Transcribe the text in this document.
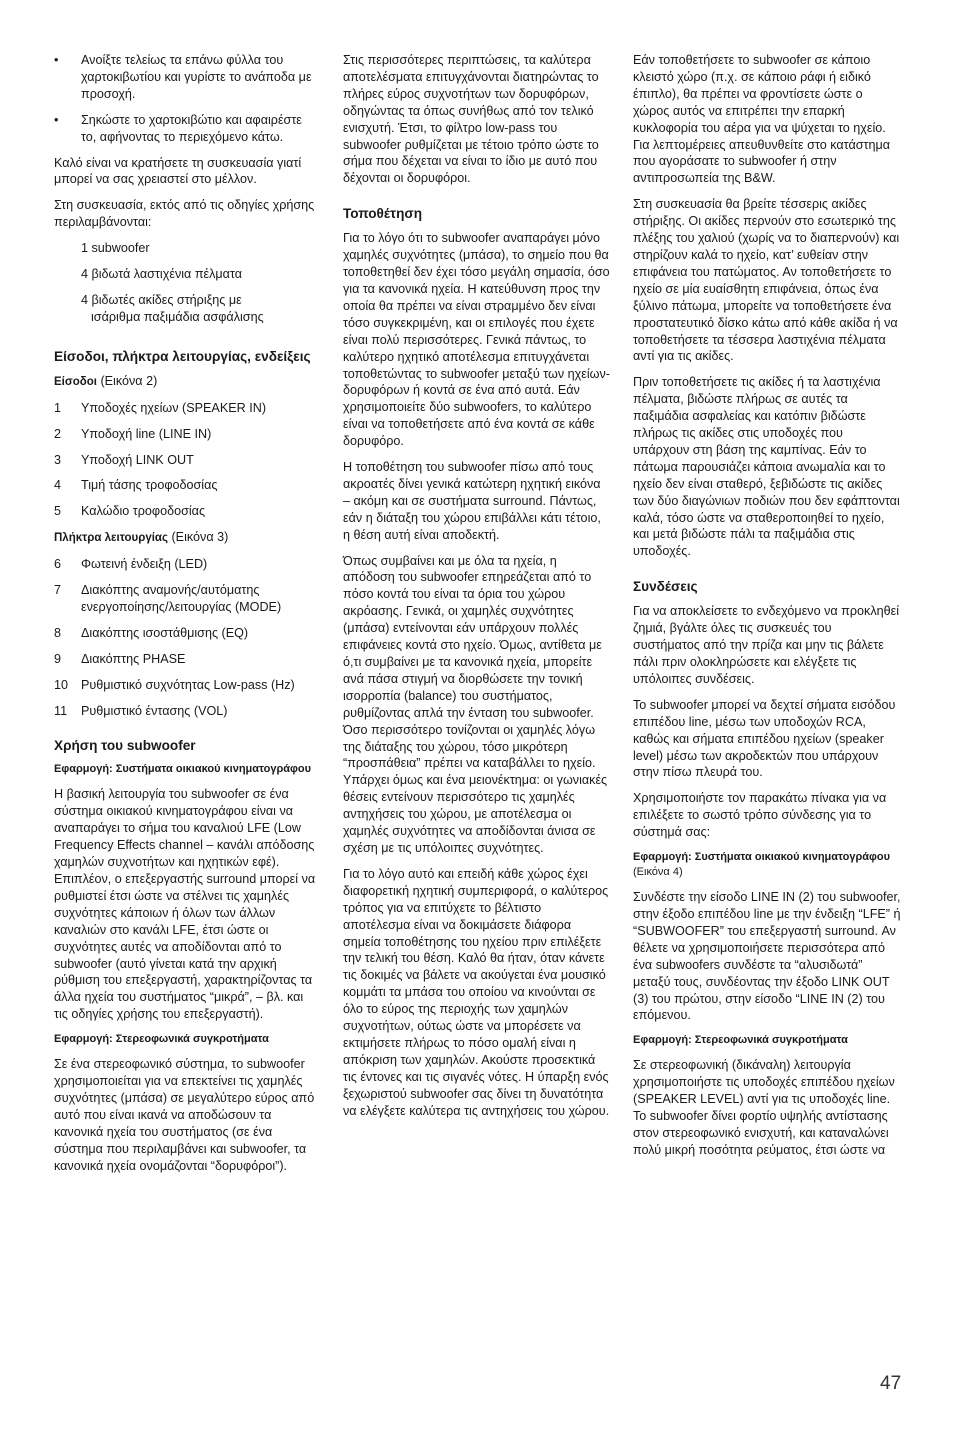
•	Ανοίξτε τελείως τα επάνω φύλλα του χαρτοκιβωτίου και γυρίστε το ανάποδα με προσοχή.
•	Σηκώστε το χαρτοκιβώτιο και αφαιρέστε το, αφήνοντας το περιεχόμενο κάτω.

Καλό είναι να κρατήσετε τη συσκευασία γιατί μπορεί να σας χρειαστεί στο μέλλον.

Στη συσκευασία, εκτός από τις οδηγίες χρήσης περιλαμβάνονται:

1 subwoofer
4 βιδωτά λαστιχένια πέλματα
4 βιδωτές ακίδες στήριξης με

ισάριθμα παξιμάδια ασφάλισης
Είσοδοι, πλήκτρα λειτουργίας, ενδείξεις
Είσοδοι (Εικόνα 2)
1	Υποδοχές ηχείων (SPEAKER IN)
2	Υποδοχή line (LINE IN)
3	Υποδοχή LINK OUT
4	Τιμή τάσης τροφοδοσίας
5	Καλώδιο τροφοδοσίας
Πλήκτρα λειτουργίας (Εικόνα 3)
6	Φωτεινή ένδειξη (LED)
7	Διακόπτης αναμονής/αυτόματης ενεργοποίησης/λειτουργίας (MODE)
8	Διακόπτης ισοστάθμισης (EQ)
9	Διακόπτης PHASE
10	Ρυθμιστικό συχνότητας Low-pass (Hz)
11	Ρυθμιστικό έντασης (VOL)
Χρήση του subwoofer
Εφαρμογή: Συστήματα οικιακού κινηματογράφου

Η βασική λειτουργία του subwoofer σε ένα σύστημα οικιακού κινηματογράφου είναι να αναπαράγει το σήμα του καναλιού LFE (Low Frequency Effects channel – κανάλι απόδοσης χαμηλών συχνοτήτων και ηχητικών εφέ). Επιπλέον, ο επεξεργαστής surround μπορεί να ρυθμιστεί έτσι ώστε να στέλνει τις χαμηλές συχνότητες κάποιων ή όλων των άλλων καναλιών στο κανάλι LFE, έτσι ώστε οι συχνότητες αυτές να αποδίδονται από το subwoofer (αυτό γίνεται κατά την αρχική ρύθμιση του επεξεργαστή, χαρακτηρίζοντας τα άλλα ηχεία του συστήματος “μικρά”, – βλ. και τις οδηγίες χρήσης του επεξεργαστή).

Εφαρμογή: Στερεοφωνικά συγκροτήματα

Σε ένα στερεοφωνικό σύστημα, το subwoofer χρησιμοποιείται για να επεκτείνει τις χαμηλές συχνότητες (μπάσα) σε μεγαλύτερο εύρος από αυτό που είναι ικανά να αποδώσουν τα κανονικά ηχεία του συστήματος (σε ένα σύστημα που περιλαμβάνει και subwoofer, τα κανονικά ηχεία ονομάζονται “δορυφόροι”).

Στις περισσότερες περιπτώσεις, τα καλύτερα αποτελέσματα επιτυγχάνονται διατηρώντας το πλήρες εύρος συχνοτήτων των δορυφόρων, οδηγώντας τα όπως συνήθως από τον τελικό ενισχυτή. Έτσι, το φίλτρο low-pass του subwoofer ρυθμίζεται με τέτοιο τρόπο ώστε το σήμα που δέχεται να είναι το ίδιο με αυτό που δέχονται οι δορυφόροι.

Τοποθέτηση

Για το λόγο ότι το subwoofer αναπαράγει μόνο χαμηλές συχνότητες (μπάσα), το σημείο που θα τοποθετηθεί δεν έχει τόσο μεγάλη σημασία, όσο για τα κανονικά ηχεία. Η κατεύθυνση προς την οποία θα πρέπει να είναι στραμμένο δεν είναι τόσο συγκεκριμένη, και οι επιλογές που έχετε είναι πολύ περισσότερες. Γενικά πάντως, το καλύτερο ηχητικό αποτέλεσμα επιτυγχάνεται τοποθετώντας το subwoofer μεταξύ των ηχείων-δορυφόρων ή κοντά σε ένα από αυτά. Εάν χρησιμοποιείτε δύο subwoofers, το καλύτερο είναι να τοποθετήσετε από ένα κοντά σε κάθε δορυφόρο.

Η τοποθέτηση του subwoofer πίσω από τους ακροατές δίνει γενικά κατώτερη ηχητική εικόνα – ακόμη και σε συστήματα surround. Πάντως, εάν η διάταξη του χώρου επιβάλλει κάτι τέτοιο, η θέση αυτή είναι αποδεκτή.

Όπως συμβαίνει και με όλα τα ηχεία, η απόδοση του subwoofer επηρεάζεται από το πόσο κοντά του είναι τα όρια του χώρου ακρόασης. Γενικά, οι χαμηλές συχνότητες (μπάσα) εντείνονται εάν υπάρχουν πολλές επιφάνειες κοντά στο ηχείο. Όμως, αντίθετα με ό,τι συμβαίνει με τα κανονικά ηχεία, μπορείτε ανά πάσα στιγμή να διορθώσετε την τονική ισορροπία (balance) του συστήματος, ρυθμίζοντας απλά την ένταση του subwoofer. Όσο περισσότερο τονίζονται οι χαμηλές λόγω της διάταξης του χώρου, τόσο μικρότερη “προσπάθεια” πρέπει να καταβάλλει το ηχείο. Υπάρχει όμως και ένα μειονέκτημα: οι γωνιακές θέσεις εντείνουν περισσότερο τις χαμηλές αντηχήσεις του χώρου, με αποτέλεσμα οι χαμηλές συχνότητες να αποδίδονται άνισα σε σχέση με τις υπόλοιπες συχνότητες.

Για το λόγο αυτό και επειδή κάθε χώρος έχει διαφορετική ηχητική συμπεριφορά, ο καλύτερος τρόπος για να επιτύχετε το βέλτιστο αποτέλεσμα είναι να δοκιμάσετε διάφορα σημεία τοποθέτησης του ηχείου πριν επιλέξετε την τελική του θέση. Καλό θα ήταν, όταν κάνετε τις δοκιμές να βάλετε να ακούγεται ένα μουσικό κομμάτι τα μπάσα του οποίου να κινούνται σε όλο το εύρος της περιοχής των χαμηλών συχνοτήτων, ούτως ώστε να μπορέσετε να εκτιμήσετε πλήρως το πόσο ομαλή είναι η απόκριση των χαμηλών. Ακούστε προσεκτικά τις έντονες και τις σιγανές νότες. Η ύπαρξη ενός ξεχωριστού subwoofer σας δίνει τη δυνατότητα να ελέγξετε καλύτερα τις αντηχήσεις του χώρου.

Εάν τοποθετήσετε το subwoofer σε κάποιο κλειστό χώρο (π.χ. σε κάποιο ράφι ή ειδικό έπιπλο), θα πρέπει να φροντίσετε ώστε ο χώρος αυτός να επιτρέπει την επαρκή κυκλοφορία του αέρα για να ψύχεται το ηχείο. Για λεπτομέρειες απευθυνθείτε στο κατάστημα που αγοράσατε το subwoofer ή στην αντιπροσωπεία της B&W.

Στη συσκευασία θα βρείτε τέσσερις ακίδες στήριξης. Οι ακίδες περνούν στο εσωτερικό της πλέξης του χαλιού (χωρίς να το διαπερνούν) και στηρίζουν καλά το ηχείο, κατ’ ευθείαν στην επιφάνεια του πατώματος. Αν τοποθετήσετε το ηχείο σε μία ευαίσθητη επιφάνεια, όπως ένα ξύλινο πάτωμα, μπορείτε να τοποθετήσετε ένα προστατευτικό δίσκο κάτω από κάθε ακίδα ή να τοποθετήσετε τα τέσσερα λαστιχένια πέλματα αντί για τις ακίδες.

Πριν τοποθετήσετε τις ακίδες ή τα λαστιχένια πέλματα, βιδώστε πλήρως σε αυτές τα παξιμάδια ασφαλείας και κατόπιν βιδώστε πλήρως τις ακίδες στις υποδοχές που υπάρχουν στη βάση της καμπίνας. Εάν το πάτωμα παρουσιάζει κάποια ανωμαλία και το ηχείο δεν είναι σταθερό, ξεβιδώστε τις ακίδες των δύο διαγώνιων ποδιών που δεν εφάπτονται καλά, τόσο ώστε να σταθεροποιηθεί το ηχείο, και μετά βιδώστε πάλι τα παξιμάδια στις υποδοχές.

Συνδέσεις

Για να αποκλείσετε το ενδεχόμενο να προκληθεί ζημιά, βγάλτε όλες τις συσκευές του συστήματος από την πρίζα και μην τις βάλετε πάλι πριν ολοκληρώσετε και ελέγξετε τις υπόλοιπες συνδέσεις.

Το subwoofer μπορεί να δεχτεί σήματα εισόδου επιπέδου line, μέσω των υποδοχών RCA, καθώς και σήματα επιπέδου ηχείων (speaker level) μέσω των ακροδεκτών που υπάρχουν στην πίσω πλευρά του.

Χρησιμοποιήστε τον παρακάτω πίνακα για να επιλέξετε το σωστό τρόπο σύνδεσης για το σύστημά σας:

Εφαρμογή: Συστήματα οικιακού κινηματογράφου (Εικόνα 4)

Συνδέστε την είσοδο LINE IN (2) του subwoofer, στην έξοδο επιπέδου line με την ένδειξη “LFE” ή “SUBWOOFER” του επεξεργαστή surround. Αν θέλετε να χρησιμοποιήσετε περισσότερα από ένα subwoofers συνδέστε τα “αλυσιδωτά” μεταξύ τους, συνδέοντας την έξοδο LINK OUT (3) του πρώτου, στην είσοδο “LINE IN (2) του επόμενου.

Εφαρμογή: Στερεοφωνικά συγκροτήματα

Σε στερεοφωνική (δικάναλη) λειτουργία χρησιμοποιήστε τις υποδοχές επιπέδου ηχείων (SPEAKER LEVEL) αντί για τις υποδοχές line. Το subwoofer δίνει φορτίο υψηλής αντίστασης στον στερεοφωνικό ενισχυτή, και καταναλώνει πολύ μικρή ποσότητα ρεύματος, έτσι ώστε να

47
